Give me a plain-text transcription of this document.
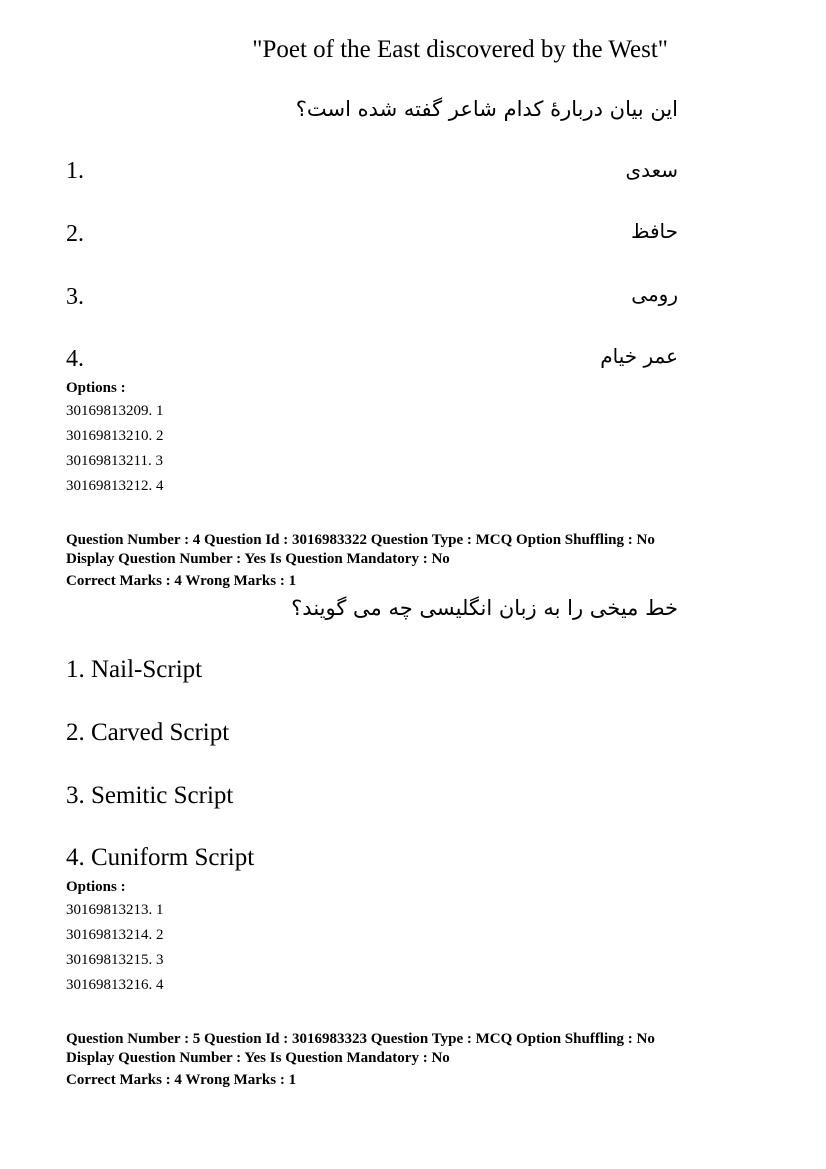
"Poet of the East discovered by the West"
این بیان دربارهٔ کدام شاعر گفته شده است؟
1.	سعدی
2.	حافظ
3.	رومی
4.	عمر خیام
Options :
30169813209. 1
30169813210. 2
30169813211. 3
30169813212. 4
Question Number : 4 Question Id : 3016983322 Question Type : MCQ Option Shuffling : No
Display Question Number : Yes Is Question Mandatory : No
Correct Marks : 4 Wrong Marks : 1
خط میخی را به زبان انگلیسی چه می گویند؟
1. Nail-Script
2. Carved Script
3. Semitic Script
4. Cuniform Script
Options :
30169813213. 1
30169813214. 2
30169813215. 3
30169813216. 4
Question Number : 5 Question Id : 3016983323 Question Type : MCQ Option Shuffling : No
Display Question Number : Yes Is Question Mandatory : No
Correct Marks : 4 Wrong Marks : 1
